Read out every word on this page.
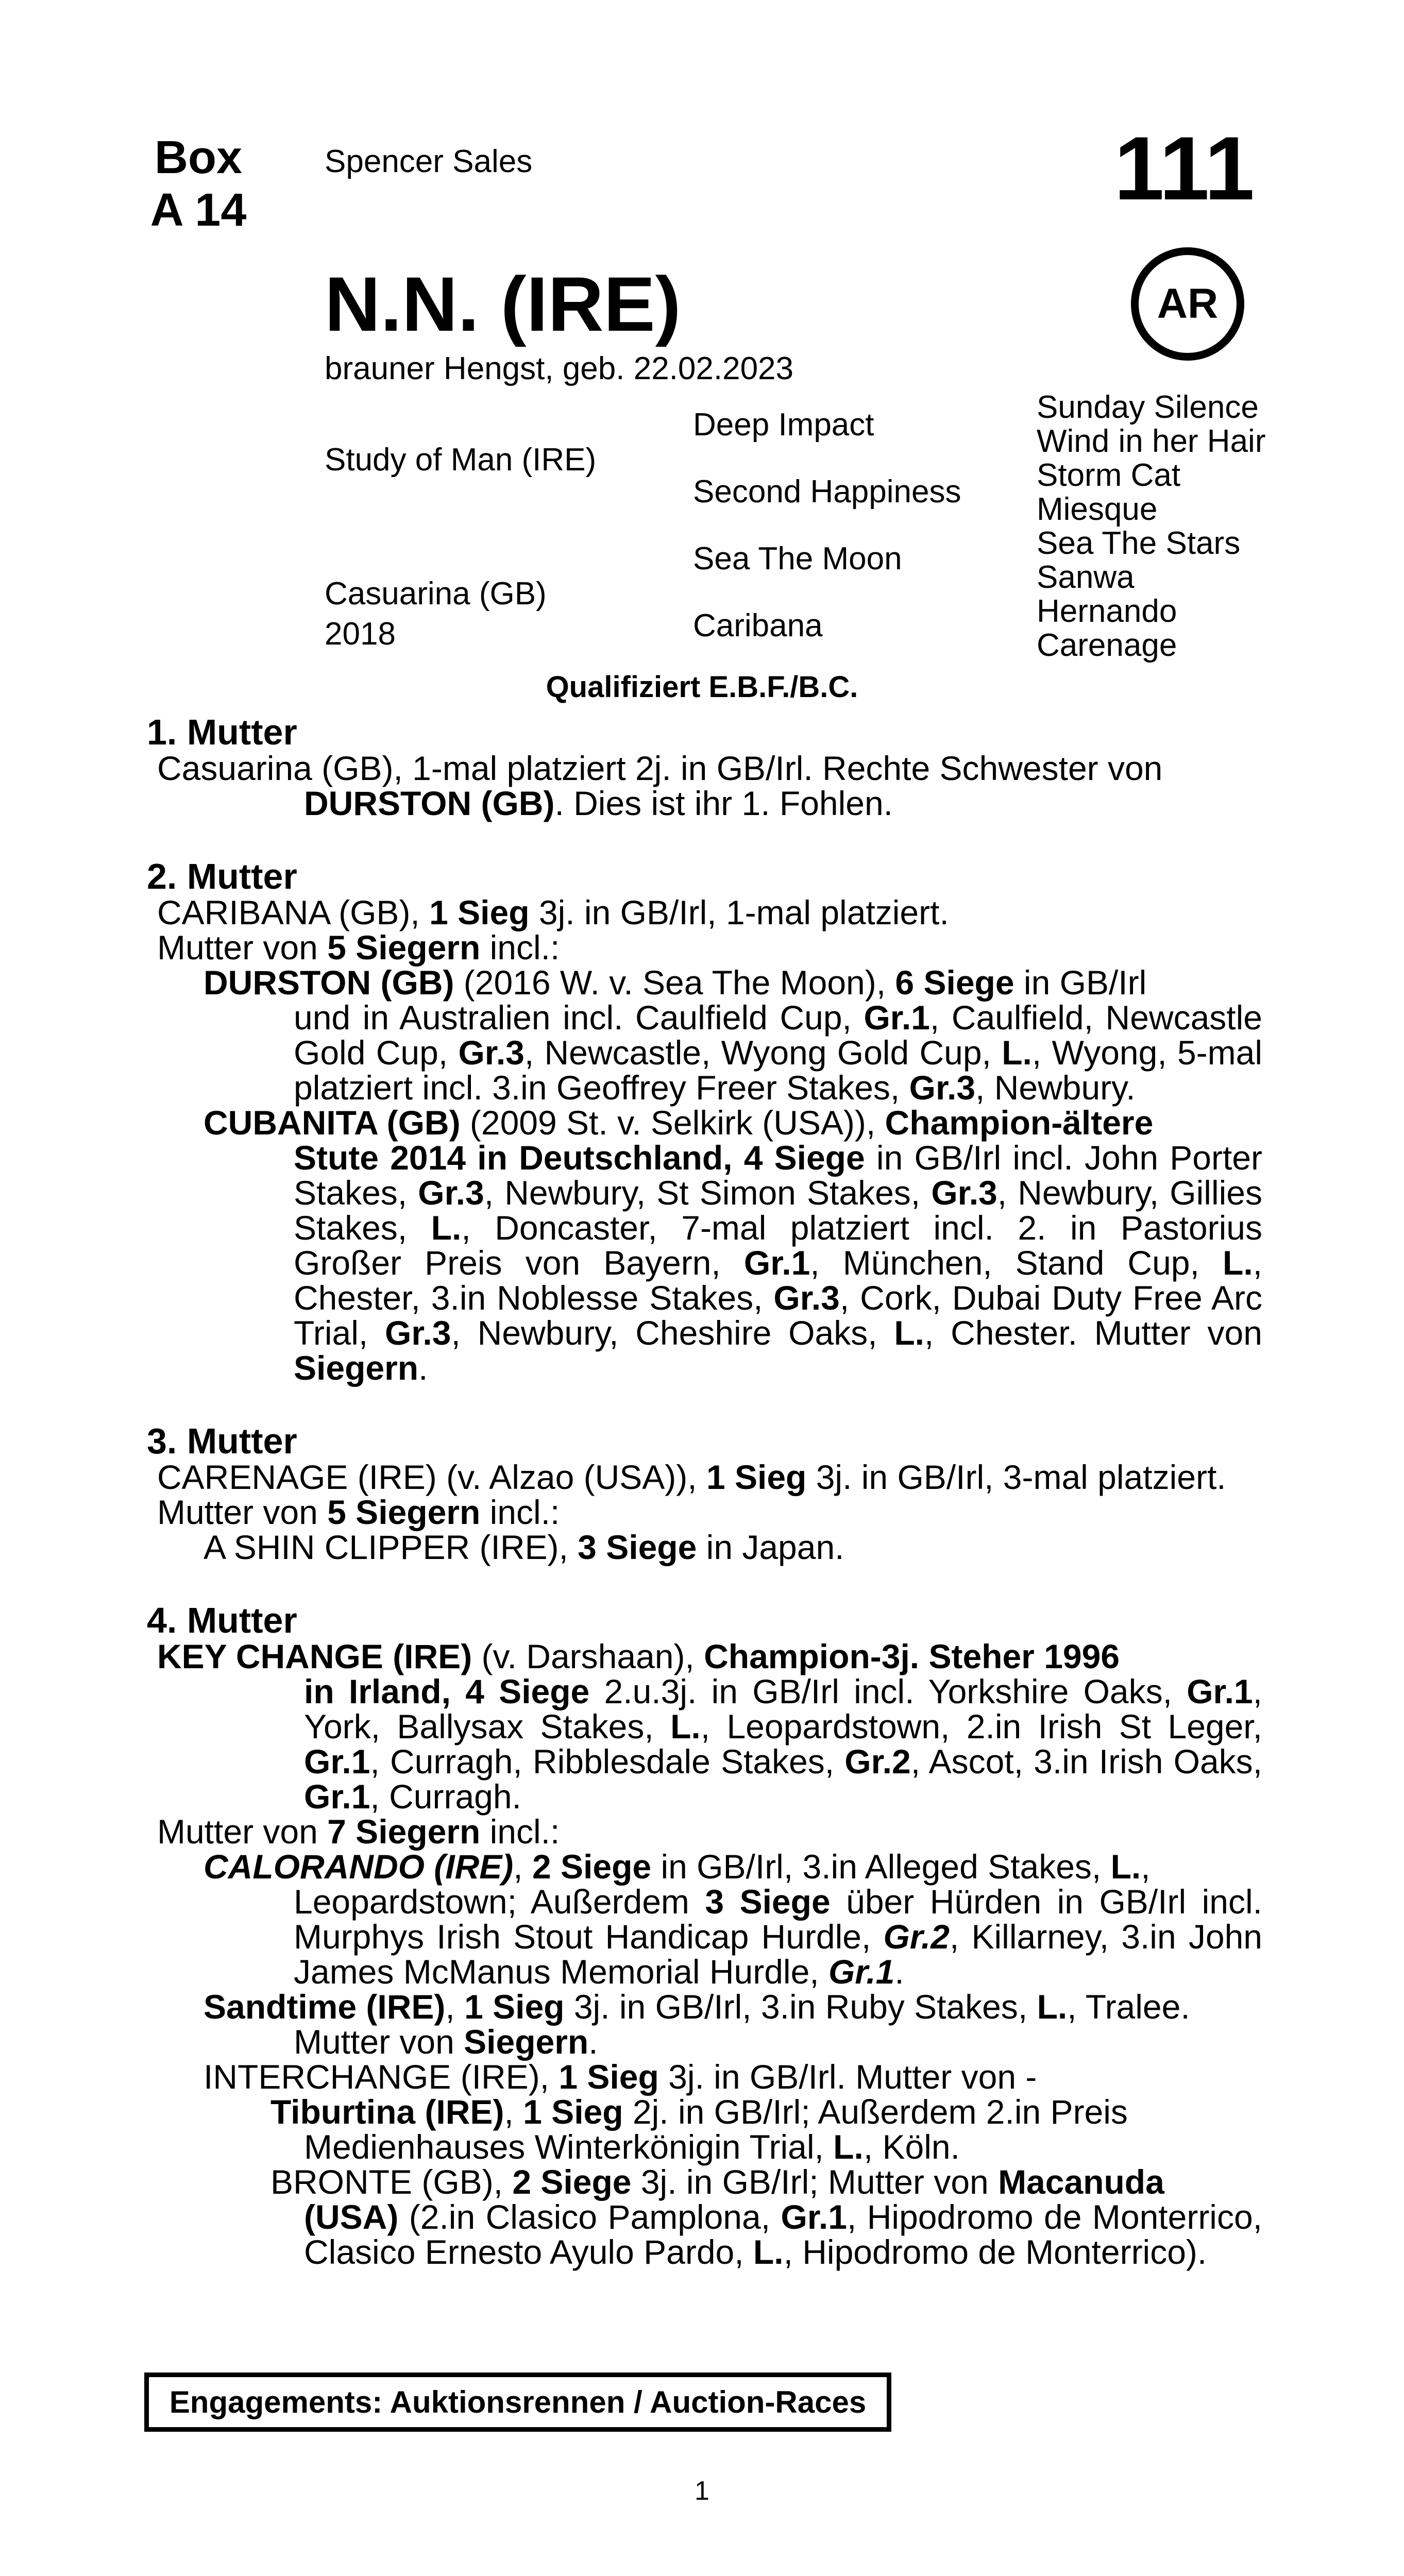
Box
A 14
Spencer Sales	111
AR
N.N. (IRE)
brauner Hengst, geb. 22.02.2023
Study of Man (IRE)
Casuarina (GB)
2018
Deep Impact
Second Happiness
Sea The Moon
Caribana
Sunday Silence
Wind in her Hair
Storm Cat
Miesque
Sea The Stars
Sanwa
Hernando
Carenage
Qualifiziert E.B.F./B.C.
1. Mutter
Casuarina (GB), 1-mal platziert 2j. in GB/Irl. Rechte Schwester von
DURSTON (GB). Dies ist ihr 1. Fohlen.
2. Mutter
CARIBANA (GB), 1 Sieg 3j. in GB/Irl, 1-mal platziert.
Mutter von 5 Siegern incl.:
DURSTON (GB) (2016 W. v. Sea The Moon), 6 Siege in GB/Irl
und in Australien incl. Caulfield Cup, Gr.1, Caulfield, Newcastle Gold Cup, Gr.3, Newcastle, Wyong Gold Cup, L., Wyong, 5-mal platziert incl. 3.in Geoffrey Freer Stakes, Gr.3, Newbury.
CUBANITA (GB) (2009 St. v. Selkirk (USA)), Champion-ältere
Stute 2014 in Deutschland, 4 Siege in GB/Irl incl. John Porter Stakes, Gr.3, Newbury, St Simon Stakes, Gr.3, Newbury, Gillies Stakes, L., Doncaster, 7-mal platziert incl. 2. in Pastorius Großer Preis von Bayern, Gr.1, München, Stand Cup, L., Chester, 3.in Noblesse Stakes, Gr.3, Cork, Dubai Duty Free Arc Trial, Gr.3, Newbury, Cheshire Oaks, L., Chester. Mutter von Siegern.
3. Mutter
CARENAGE (IRE) (v. Alzao (USA)), 1 Sieg 3j. in GB/Irl, 3-mal platziert.
Mutter von 5 Siegern incl.:
A SHIN CLIPPER (IRE), 3 Siege in Japan.
4. Mutter
KEY CHANGE (IRE) (v. Darshaan), Champion-3j. Steher 1996
in Irland, 4 Siege 2.u.3j. in GB/Irl incl. Yorkshire Oaks, Gr.1, York, Ballysax Stakes, L., Leopardstown, 2.in Irish St Leger, Gr.1, Curragh, Ribblesdale Stakes, Gr.2, Ascot, 3.in Irish Oaks, Gr.1, Curragh.
Mutter von 7 Siegern incl.:
CALORANDO (IRE), 2 Siege in GB/Irl, 3.in Alleged Stakes, L.,
Leopardstown; Außerdem 3 Siege über Hürden in GB/Irl incl. Murphys Irish Stout Handicap Hurdle, Gr.2, Killarney, 3.in John James McManus Memorial Hurdle, Gr.1.
Sandtime (IRE), 1 Sieg 3j. in GB/Irl, 3.in Ruby Stakes, L., Tralee.
Mutter von Siegern.
INTERCHANGE (IRE), 1 Sieg 3j. in GB/Irl. Mutter von -
Tiburtina (IRE), 1 Sieg 2j. in GB/Irl; Außerdem 2.in Preis
Medienhauses Winterkönigin Trial, L., Köln.
BRONTE (GB), 2 Siege 3j. in GB/Irl; Mutter von Macanuda
(USA) (2.in Clasico Pamplona, Gr.1, Hipodromo de Monterrico, Clasico Ernesto Ayulo Pardo, L., Hipodromo de Monterrico).
Engagements: Auktionsrennen / Auction-Races
1
